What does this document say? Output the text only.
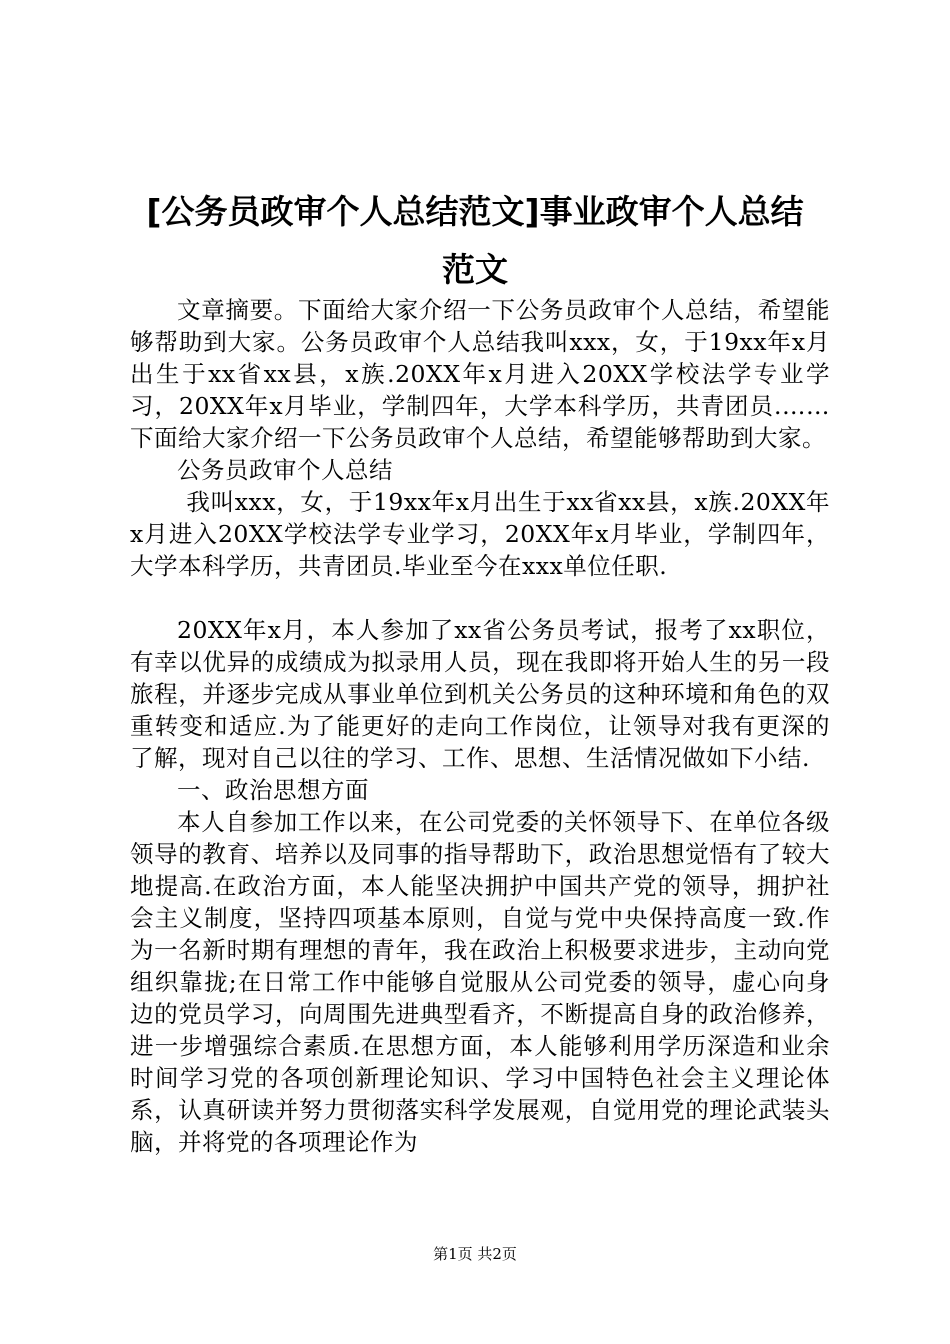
[公务员政审个人总结范文]事业政审个人总结
范文

文章摘要。下面给大家介绍一下公务员政审个人总结，希望能够帮助到大家。公务员政审个人总结我叫xxx，女，于19xx年x月出生于xx省xx县，x族.20XX年x月进入20XX学校法学专业学习，20XX年x月毕业，学制四年，大学本科学历，共青团员.……下面给大家介绍一下公务员政审个人总结，希望能够帮助到大家。

公务员政审个人总结

我叫xxx，女，于19xx年x月出生于xx省xx县，x族.20XX年x月进入20XX学校法学专业学习，20XX年x月毕业，学制四年，大学本科学历，共青团员.毕业至今在xxx单位任职.

20XX年x月，本人参加了xx省公务员考试，报考了xx职位，有幸以优异的成绩成为拟录用人员，现在我即将开始人生的另一段旅程，并逐步完成从事业单位到机关公务员的这种环境和角色的双重转变和适应.为了能更好的走向工作岗位，让领导对我有更深的了解，现对自己以往的学习、工作、思想、生活情况做如下小结.

一、政治思想方面

本人自参加工作以来，在公司党委的关怀领导下、在单位各级领导的教育、培养以及同事的指导帮助下，政治思想觉悟有了较大地提高.在政治方面，本人能坚决拥护中国共产党的领导，拥护社会主义制度，坚持四项基本原则，自觉与党中央保持高度一致.作为一名新时期有理想的青年，我在政治上积极要求进步，主动向党组织靠拢;在日常工作中能够自觉服从公司党委的领导，虚心向身边的党员学习，向周围先进典型看齐，不断提高自身的政治修养，进一步增强综合素质.在思想方面，本人能够利用学历深造和业余时间学习党的各项创新理论知识、学习中国特色社会主义理论体系，认真研读并努力贯彻落实科学发展观，自觉用党的理论武装头脑，并将党的各项理论作为

第1页 共2页
